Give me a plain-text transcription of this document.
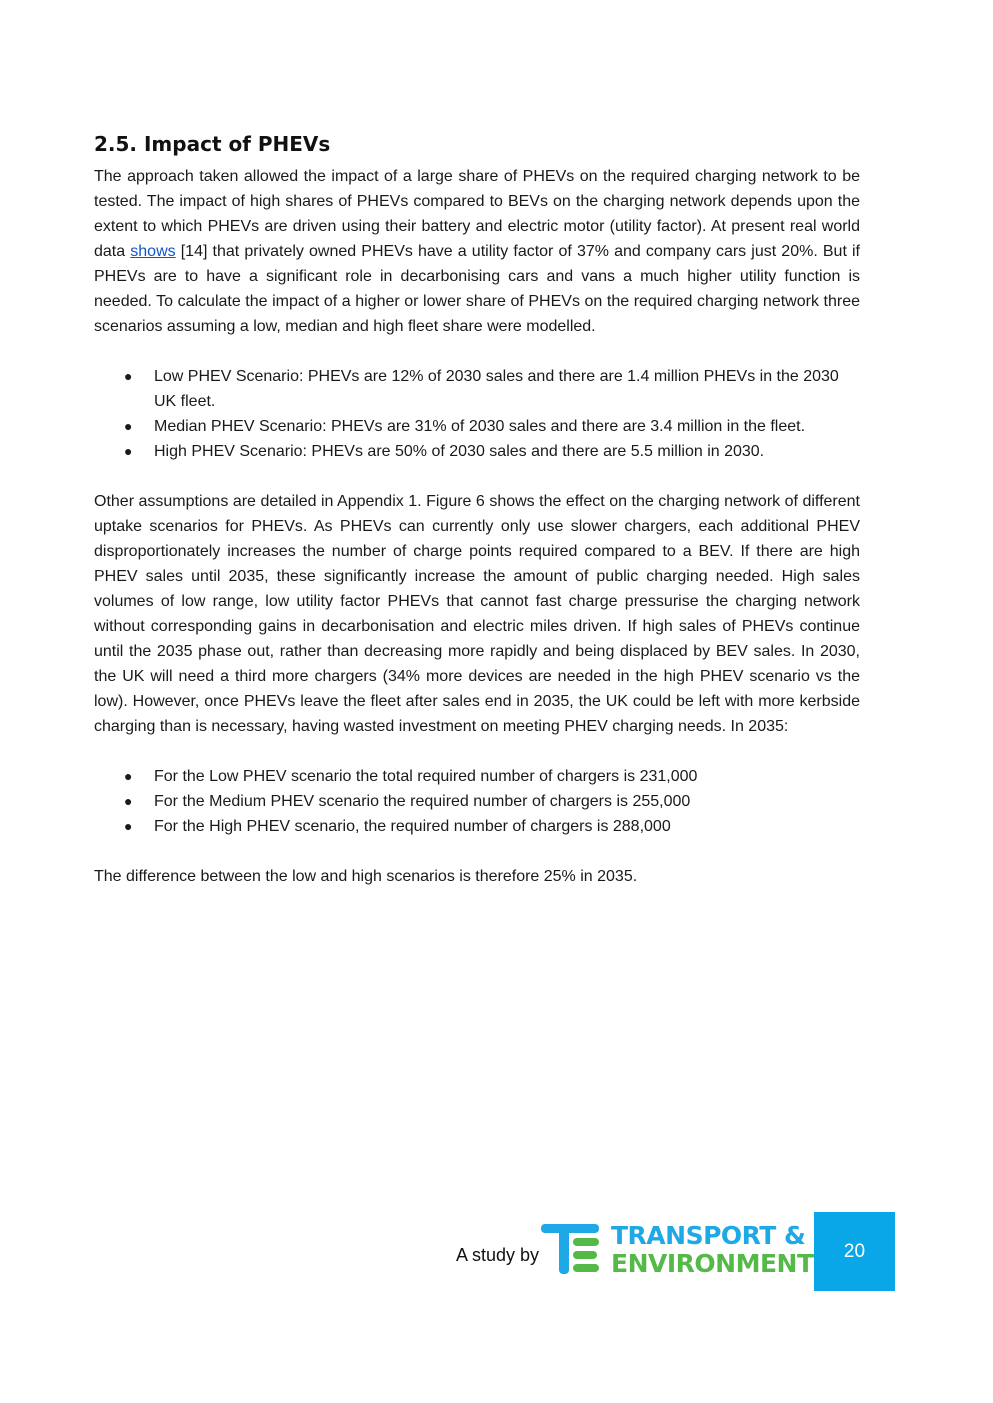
2.5. Impact of PHEVs

The approach taken allowed the impact of a large share of PHEVs on the required charging network to be tested. The impact of high shares of PHEVs compared to BEVs on the charging network depends upon the extent to which PHEVs are driven using their battery and electric motor (utility factor). At present real world data shows [14] that privately owned PHEVs have a utility factor of 37% and company cars just 20%. But if PHEVs are to have a significant role in decarbonising cars and vans a much higher utility function is needed. To calculate the impact of a higher or lower share of PHEVs on the required charging network three scenarios assuming a low, median and high fleet share were modelled.

● Low PHEV Scenario: PHEVs are 12% of 2030 sales and there are 1.4 million PHEVs in the 2030 UK fleet.
● Median PHEV Scenario: PHEVs are 31% of 2030 sales and there are 3.4 million in the fleet.
● High PHEV Scenario: PHEVs are 50% of 2030 sales and there are 5.5 million in 2030.

Other assumptions are detailed in Appendix 1. Figure 6 shows the effect on the charging network of different uptake scenarios for PHEVs. As PHEVs can currently only use slower chargers, each additional PHEV disproportionately increases the number of charge points required compared to a BEV. If there are high PHEV sales until 2035, these significantly increase the amount of public charging needed. High sales volumes of low range, low utility factor PHEVs that cannot fast charge pressurise the charging network without corresponding gains in decarbonisation and electric miles driven. If high sales of PHEVs continue until the 2035 phase out, rather than decreasing more rapidly and being displaced by BEV sales. In 2030, the UK will need a third more chargers (34% more devices are needed in the high PHEV scenario vs the low). However, once PHEVs leave the fleet after sales end in 2035, the UK could be left with more kerbside charging than is necessary, having wasted investment on meeting PHEV charging needs. In 2035:

● For the Low PHEV scenario the total required number of chargers is 231,000
● For the Medium PHEV scenario the required number of chargers is 255,000
● For the High PHEV scenario, the required number of chargers is 288,000

The difference between the low and high scenarios is therefore 25% in 2035.

A study by
TRANSPORT &
ENVIRONMENT	20
